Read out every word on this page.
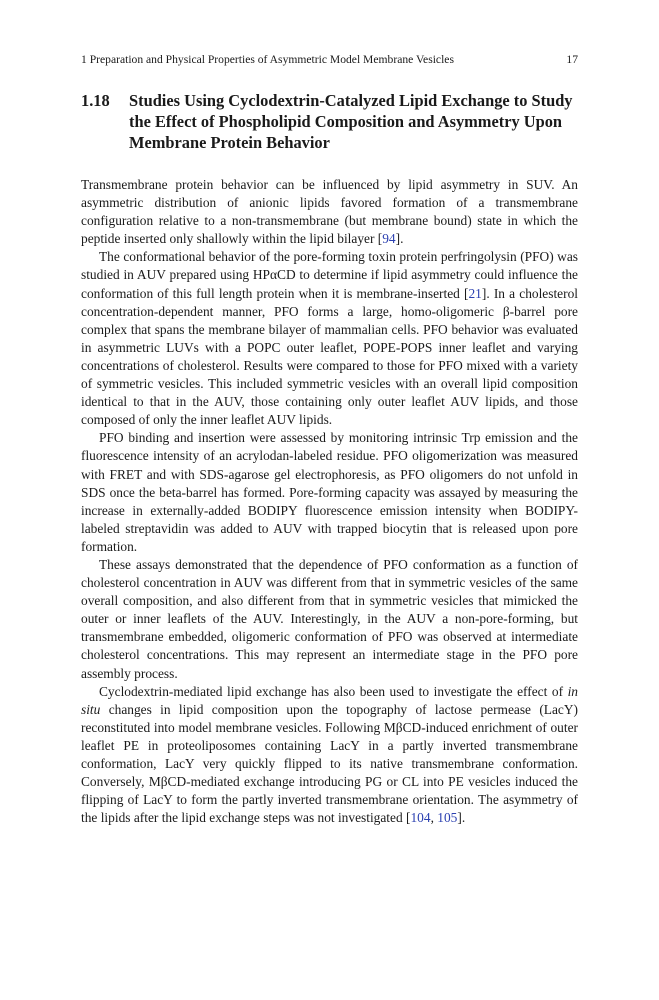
1 Preparation and Physical Properties of Asymmetric Model Membrane Vesicles	17
1.18	Studies Using Cyclodextrin-Catalyzed Lipid Exchange to Study the Effect of Phospholipid Composition and Asymmetry Upon Membrane Protein Behavior

Transmembrane protein behavior can be influenced by lipid asymmetry in SUV. An asymmetric distribution of anionic lipids favored formation of a transmembrane configuration relative to a non-transmembrane (but membrane bound) state in which the peptide inserted only shallowly within the lipid bilayer [94].

The conformational behavior of the pore-forming toxin protein perfringolysin (PFO) was studied in AUV prepared using HPαCD to determine if lipid asymmetry could influence the conformation of this full length protein when it is membrane-inserted [21]. In a cholesterol concentration-dependent manner, PFO forms a large, homo-oligomeric β-barrel pore complex that spans the membrane bilayer of mammalian cells. PFO behavior was evaluated in asymmetric LUVs with a POPC outer leaflet, POPE-POPS inner leaflet and varying concentrations of cholesterol. Results were compared to those for PFO mixed with a variety of symmetric vesicles. This included symmetric vesicles with an overall lipid composition identical to that in the AUV, those containing only outer leaflet AUV lipids, and those composed of only the inner leaflet AUV lipids.

PFO binding and insertion were assessed by monitoring intrinsic Trp emission and the fluorescence intensity of an acrylodan-labeled residue. PFO oligomerization was measured with FRET and with SDS-agarose gel electrophoresis, as PFO oligomers do not unfold in SDS once the beta-barrel has formed. Pore-forming capacity was assayed by measuring the increase in externally-added BODIPY fluorescence emission intensity when BODIPY-labeled streptavidin was added to AUV with trapped biocytin that is released upon pore formation.

These assays demonstrated that the dependence of PFO conformation as a function of cholesterol concentration in AUV was different from that in symmetric vesicles of the same overall composition, and also different from that in symmetric vesicles that mimicked the outer or inner leaflets of the AUV. Interestingly, in the AUV a non-pore-forming, but transmembrane embedded, oligomeric conformation of PFO was observed at intermediate cholesterol concentrations. This may represent an intermediate stage in the PFO pore assembly process.

Cyclodextrin-mediated lipid exchange has also been used to investigate the effect of in situ changes in lipid composition upon the topography of lactose permease (LacY) reconstituted into model membrane vesicles. Following MβCD-induced enrichment of outer leaflet PE in proteoliposomes containing LacY in a partly inverted transmembrane conformation, LacY very quickly flipped to its native transmembrane conformation. Conversely, MβCD-mediated exchange introducing PG or CL into PE vesicles induced the flipping of LacY to form the partly inverted transmembrane orientation. The asymmetry of the lipids after the lipid exchange steps was not investigated [104, 105].
